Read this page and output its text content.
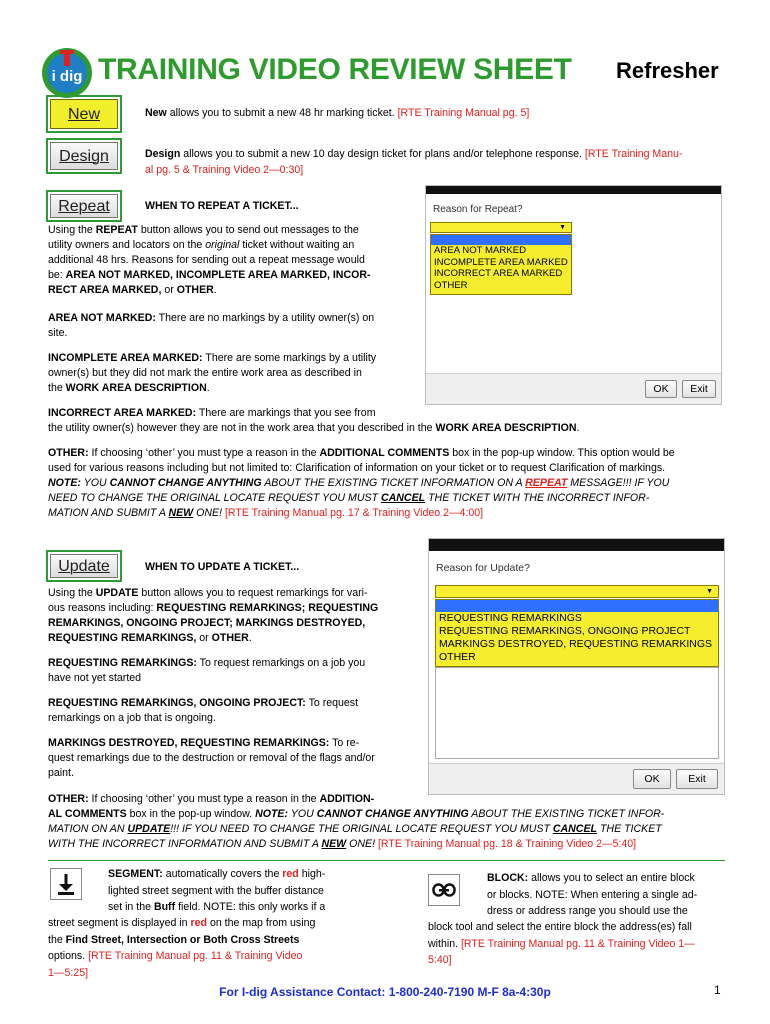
i dig TRAINING VIDEO REVIEW SHEET Refresher
New	New allows you to submit a new 48 hr marking ticket. [RTE Training Manual pg. 5]

Design	Design allows you to submit a new 10 day design ticket for plans and/or telephone response. [RTE Training Manu-

al pg. 5 & Training Video 2—0:30]

Repeat	WHEN TO REPEAT A TICKET...

Using the REPEAT button allows you to send out messages to the

utility owners and locators on the original ticket without waiting an

additional 48 hrs. Reasons for sending out a repeat message would

be: AREA NOT MARKED, INCOMPLETE AREA MARKED, INCOR-

RECT AREA MARKED, or OTHER.

AREA NOT MARKED: There are no markings by a utility owner(s) on

site.

INCOMPLETE AREA MARKED: There are some markings by a utility

owner(s) but they did not mark the entire work area as described in

the WORK AREA DESCRIPTION.

INCORRECT AREA MARKED: There are markings that you see from

the utility owner(s) however they are not in the work area that you described in the WORK AREA DESCRIPTION.

OTHER: If choosing ‘other’ you must type a reason in the ADDITIONAL COMMENTS box in the pop-up window. This option would be

used for various reasons including but not limited to: Clarification of information on your ticket or to request Clarification of markings.

NOTE: YOU CANNOT CHANGE ANYTHING ABOUT THE EXISTING TICKET INFORMATION ON A REPEAT MESSAGE!!! IF YOU

NEED TO CHANGE THE ORIGINAL LOCATE REQUEST YOU MUST CANCEL THE TICKET WITH THE INCORRECT INFOR-

MATION AND SUBMIT A NEW ONE! [RTE Training Manual pg. 17 & Training Video 2—4:00]

Reason for Repeat?
▼
AREA NOT MARKED
INCOMPLETE AREA MARKED
INCORRECT AREA MARKED
OTHER
OK	Exit
Update	WHEN TO UPDATE A TICKET...

Using the UPDATE button allows you to request remarkings for vari-

ous reasons including: REQUESTING REMARKINGS; REQUESTING

REMARKINGS, ONGOING PROJECT; MARKINGS DESTROYED,

REQUESTING REMARKINGS, or OTHER.

REQUESTING REMARKINGS: To request remarkings on a job you

have not yet started

REQUESTING REMARKINGS, ONGOING PROJECT: To request

remarkings on a job that is ongoing.

MARKINGS DESTROYED, REQUESTING REMARKINGS: To re-

quest remarkings due to the destruction or removal of the flags and/or

paint.

OTHER: If choosing ‘other’ you must type a reason in the ADDITION-

AL COMMENTS box in the pop-up window. NOTE: YOU CANNOT CHANGE ANYTHING ABOUT THE EXISTING TICKET INFOR-

MATION ON AN UPDATE!!! IF YOU NEED TO CHANGE THE ORIGINAL LOCATE REQUEST YOU MUST CANCEL THE TICKET

WITH THE INCORRECT INFORMATION AND SUBMIT A NEW ONE! [RTE Training Manual pg. 18 & Training Video 2—5:40]

Reason for Update?
▼
REQUESTING REMARKINGS
REQUESTING REMARKINGS, ONGOING PROJECT
MARKINGS DESTROYED, REQUESTING REMARKINGS
OTHER
OK	Exit

SEGMENT: automatically covers the red high-

lighted street segment with the buffer distance

set in the Buff field. NOTE: this only works if a

street segment is displayed in red on the map from using

the Find Street, Intersection or Both Cross Streets

options. [RTE Training Manual pg. 11 & Training Video

1—5:25]

BLOCK: allows you to select an entire block

or blocks. NOTE: When entering a single ad-

dress or address range you should use the

block tool and select the entire block the address(es) fall

within. [RTE Training Manual pg. 11 & Training Video 1—

5:40]

For I-dig Assistance Contact: 1-800-240-7190 M-F 8a-4:30p	1
